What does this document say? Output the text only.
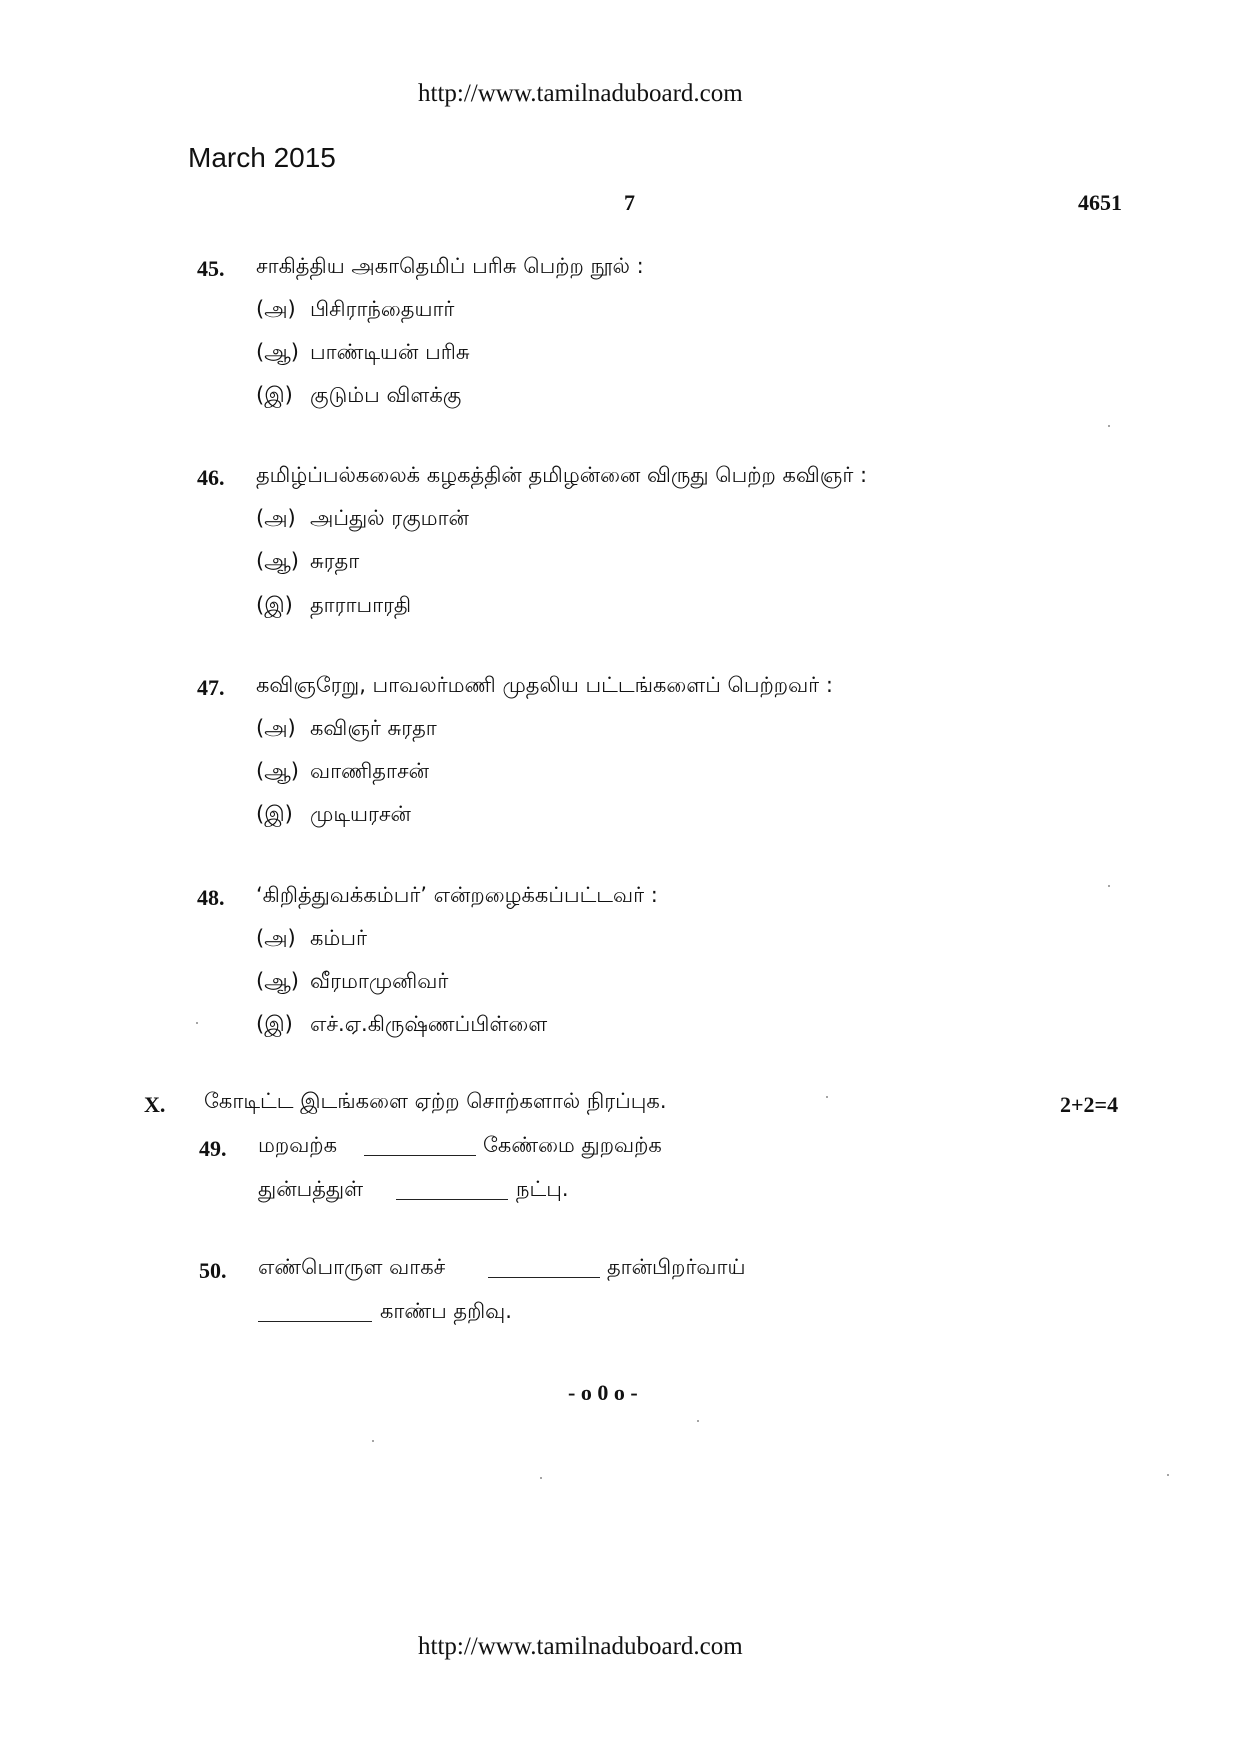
http://www.tamilnaduboard.com
March 2015
7	4651
45. சாகித்திய அகாதெமிப் பரிசு பெற்ற நூல் :
(அ) பிசிராந்தையார்
(ஆ) பாண்டியன் பரிசு
(இ) குடும்ப விளக்கு
46. தமிழ்ப்பல்கலைக் கழகத்தின் தமிழன்னை விருது பெற்ற கவிஞர் :
(அ) அப்துல் ரகுமான்
(ஆ) சுரதா
(இ) தாராபாரதி
47. கவிஞரேறு, பாவலர்மணி முதலிய பட்டங்களைப் பெற்றவர் :
(அ) கவிஞர் சுரதா
(ஆ) வாணிதாசன்
(இ) முடியரசன்
48. ‘கிறித்துவக்கம்பர்’ என்றழைக்கப்பட்டவர் :
(அ) கம்பர்
(ஆ) வீரமாமுனிவர்
(இ) எச்.ஏ.கிருஷ்ணப்பிள்ளை
X. கோடிட்ட இடங்களை ஏற்ற சொற்களால் நிரப்புக.	2+2=4
49. மறவற்க	கேண்மை துறவற்க
துன்பத்துள்	நட்பு.
50. எண்பொருள வாகச்	தான்பிறர்வாய்
காண்ப தறிவு.
- o 0 o -
http://www.tamilnaduboard.com
